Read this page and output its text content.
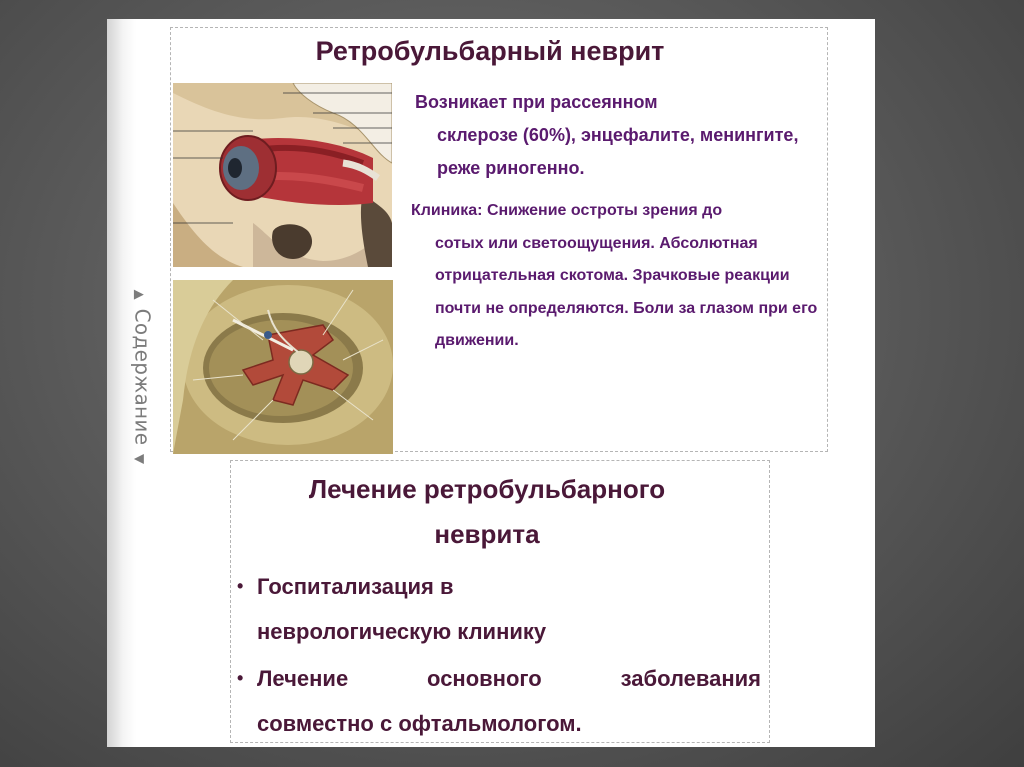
▲ Содержание ▼
Ретробульбарный неврит
Возникает при рассеянном
склерозе (60%), энцефалите, менингите, реже риногенно.
Клиника: Снижение остроты зрения до
сотых или светоощущения. Абсолютная отрицательная скотома. Зрачковые реакции почти не определяются. Боли за глазом при его движении.
Лечение ретробульбарного
неврита
• Госпитализация в
неврологическую клинику
• Лечение основного заболевания
совместно с офтальмологом.
